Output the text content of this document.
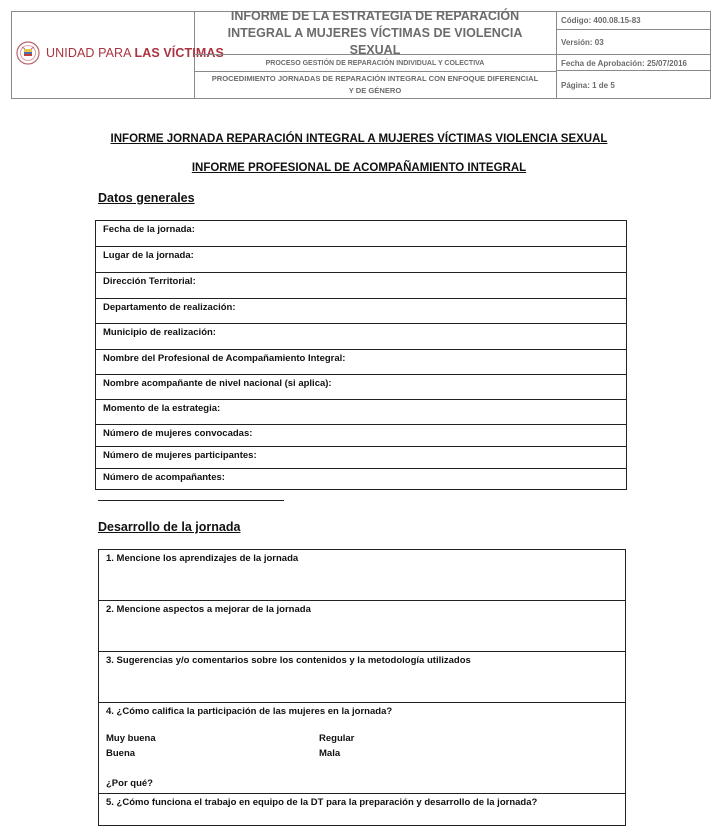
UNIDAD PARA LAS VÍCTIMAS
INFORME DE LA ESTRATEGIA DE REPARACIÓN INTEGRAL A MUJERES VÍCTIMAS DE VIOLENCIA SEXUAL
PROCESO GESTIÓN DE REPARACIÓN INDIVIDUAL Y COLECTIVA
PROCEDIMIENTO JORNADAS DE REPARACIÓN INTEGRAL CON ENFOQUE DIFERENCIAL Y DE GÉNERO
Código: 400.08.15-83
Versión: 03
Fecha de Aprobación: 25/07/2016
Página: 1 de 5
INFORME JORNADA REPARACIÓN INTEGRAL A MUJERES VÍCTIMAS VIOLENCIA SEXUAL
INFORME PROFESIONAL DE ACOMPAÑAMIENTO INTEGRAL
Datos generales
Fecha de la jornada:
Lugar de la jornada:
Dirección Territorial:
Departamento de realización:
Municipio de realización:
Nombre del Profesional de Acompañamiento Integral:
Nombre acompañante de nivel nacional (si aplica):
Momento de la estrategia:
Número de mujeres convocadas:
Número de mujeres participantes:
Número de acompañantes:
Desarrollo de la jornada
1. Mencione los aprendizajes de la jornada
2. Mencione aspectos a mejorar de la jornada
3. Sugerencias y/o comentarios sobre los contenidos y la metodología utilizados
4. ¿Cómo califica la participación de las mujeres en la jornada?
Muy buena
Buena
Regular
Mala
¿Por qué?
5. ¿Cómo funciona el trabajo en equipo de la DT para la preparación y desarrollo de la jornada?
